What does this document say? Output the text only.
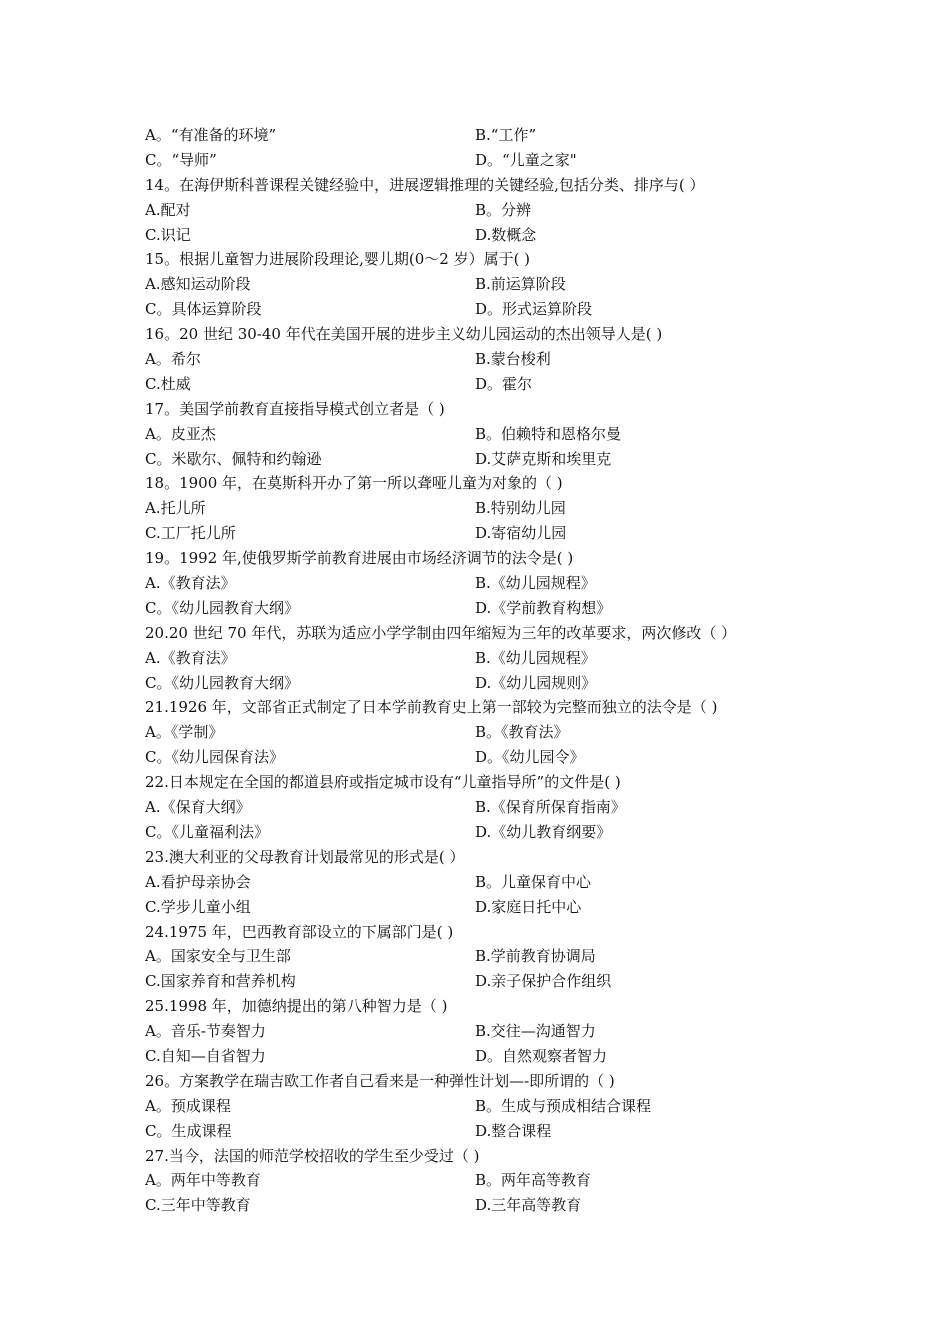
A。“有准备的环境”	B.“工作”
C。“导师”	D。“儿童之家"
14。在海伊斯科普课程关键经验中，进展逻辑推理的关键经验,包括分类、排序与( ）
A.配对	B。分辨
C.识记	D.数概念
15。根据儿童智力进展阶段理论,婴儿期(0～2 岁）属于( )
A.感知运动阶段	B.前运算阶段
C。具体运算阶段	D。形式运算阶段
16。20 世纪 30-40 年代在美国开展的进步主义幼儿园运动的杰出领导人是( )
A。希尔	B.蒙台梭利
C.杜威	D。霍尔
17。美国学前教育直接指导模式创立者是（ )
A。皮亚杰	B。伯赖特和恩格尔曼
C。米歇尔、佩特和约翰逊	D.艾萨克斯和埃里克
18。1900 年，在莫斯科开办了第一所以聋哑儿童为对象的（ )
A.托儿所	B.特别幼儿园
C.工厂托儿所	D.寄宿幼儿园
19。1992 年,使俄罗斯学前教育进展由市场经济调节的法令是( )
A.《教育法》	B.《幼儿园规程》
C。《幼儿园教育大纲》	D.《学前教育构想》
20.20 世纪 70 年代，苏联为适应小学学制由四年缩短为三年的改革要求，两次修改（ ）
A.《教育法》	B.《幼儿园规程》
C。《幼儿园教育大纲》	D.《幼儿园规则》
21.1926 年，文部省正式制定了日本学前教育史上第一部较为完整而独立的法令是（ )
A。《学制》	B。《教育法》
C。《幼儿园保育法》	D。《幼儿园令》
22.日本规定在全国的都道县府或指定城市设有“儿童指导所”的文件是( )
A.《保育大纲》	B.《保育所保育指南》
C。《儿童福利法》	D.《幼儿教育纲要》
23.澳大利亚的父母教育计划最常见的形式是( ）
A.看护母亲协会	B。儿童保育中心
C.学步儿童小组	D.家庭日托中心
24.1975 年，巴西教育部设立的下属部门是( )
A。国家安全与卫生部	B.学前教育协调局
C.国家养育和营养机构	D.亲子保护合作组织
25.1998 年，加德纳提出的第八种智力是（ )
A。音乐-节奏智力	B.交往—沟通智力
C.自知—自省智力	D。自然观察者智力
26。方案教学在瑞吉欧工作者自己看来是一种弹性计划—-即所谓的（ )
A。预成课程	B。生成与预成相结合课程
C。生成课程	D.整合课程
27.当今，法国的师范学校招收的学生至少受过（ )
A。两年中等教育	B。两年高等教育
C.三年中等教育	D.三年高等教育
